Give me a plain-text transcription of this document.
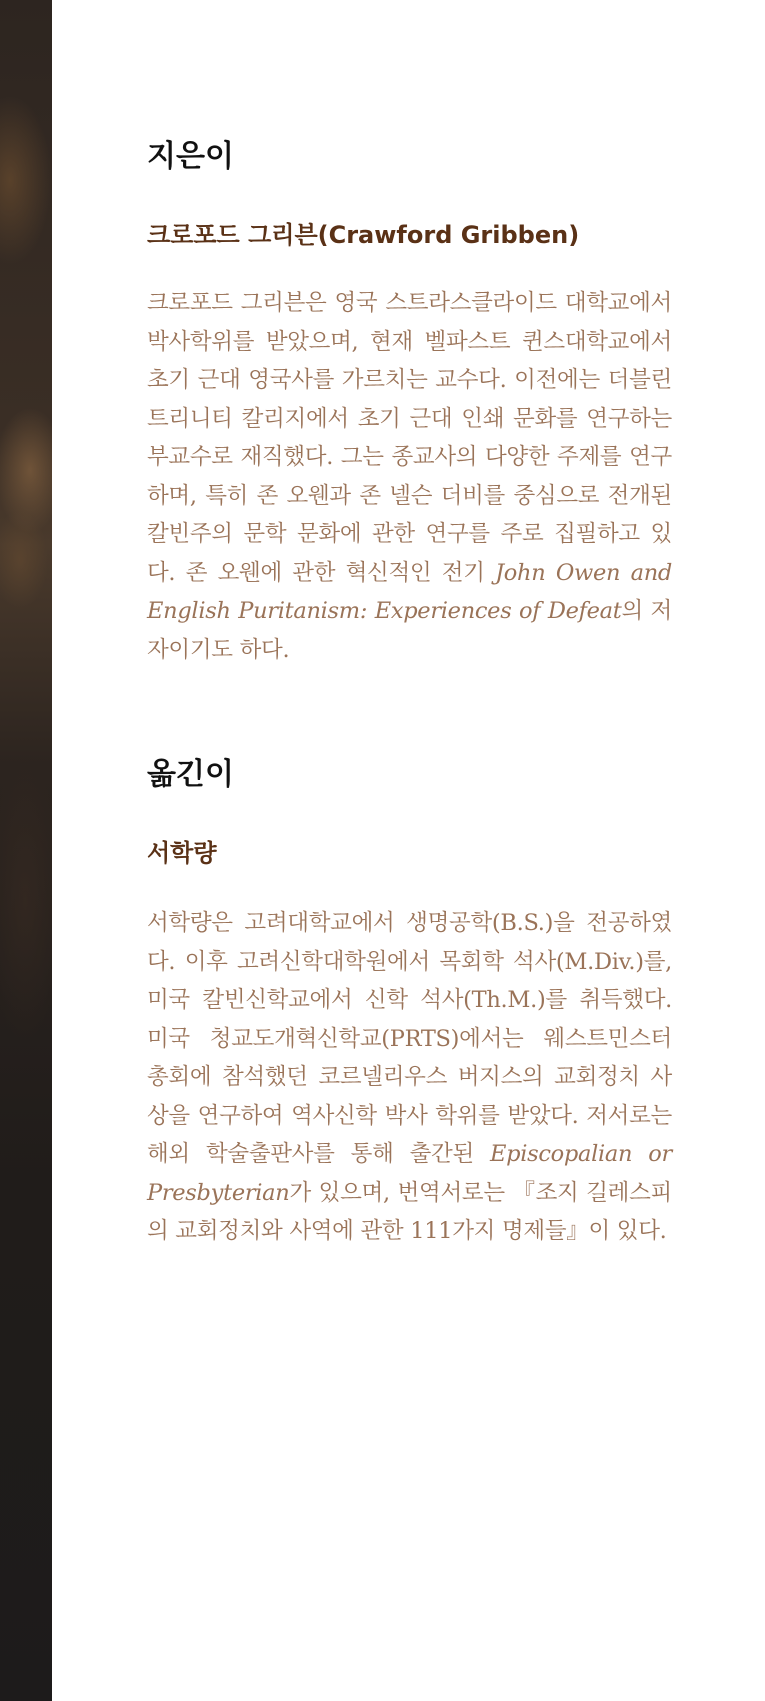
지은이
크로포드 그리븐(Crawford Gribben)

크로포드 그리븐은 영국 스트라스클라이드 대학교에서 박사학위를 받았으며, 현재 벨파스트 퀸스대학교에서 초기 근대 영국사를 가르치는 교수다. 이전에는 더블린 트리니티 칼리지에서 초기 근대 인쇄 문화를 연구하는 부교수로 재직했다. 그는 종교사의 다양한 주제를 연구하며, 특히 존 오웬과 존 넬슨 더비를 중심으로 전개된 칼빈주의 문학 문화에 관한 연구를 주로 집필하고 있다. 존 오웬에 관한 혁신적인 전기 John Owen and English Puritanism: Experiences of Defeat의 저자이기도 하다.

옮긴이
서학량

서학량은 고려대학교에서 생명공학(B.S.)을 전공하였다. 이후 고려신학대학원에서 목회학 석사(M.Div.)를, 미국 칼빈신학교에서 신학 석사(Th.M.)를 취득했다. 미국 청교도개혁신학교(PRTS)에서는 웨스트민스터 총회에 참석했던 코르넬리우스 버지스의 교회정치 사상을 연구하여 역사신학 박사 학위를 받았다. 저서로는 해외 학술출판사를 통해 출간된 Episcopalian or Presbyterian가 있으며, 번역서로는 『조지 길레스피의 교회정치와 사역에 관한 111가지 명제들』이 있다.
